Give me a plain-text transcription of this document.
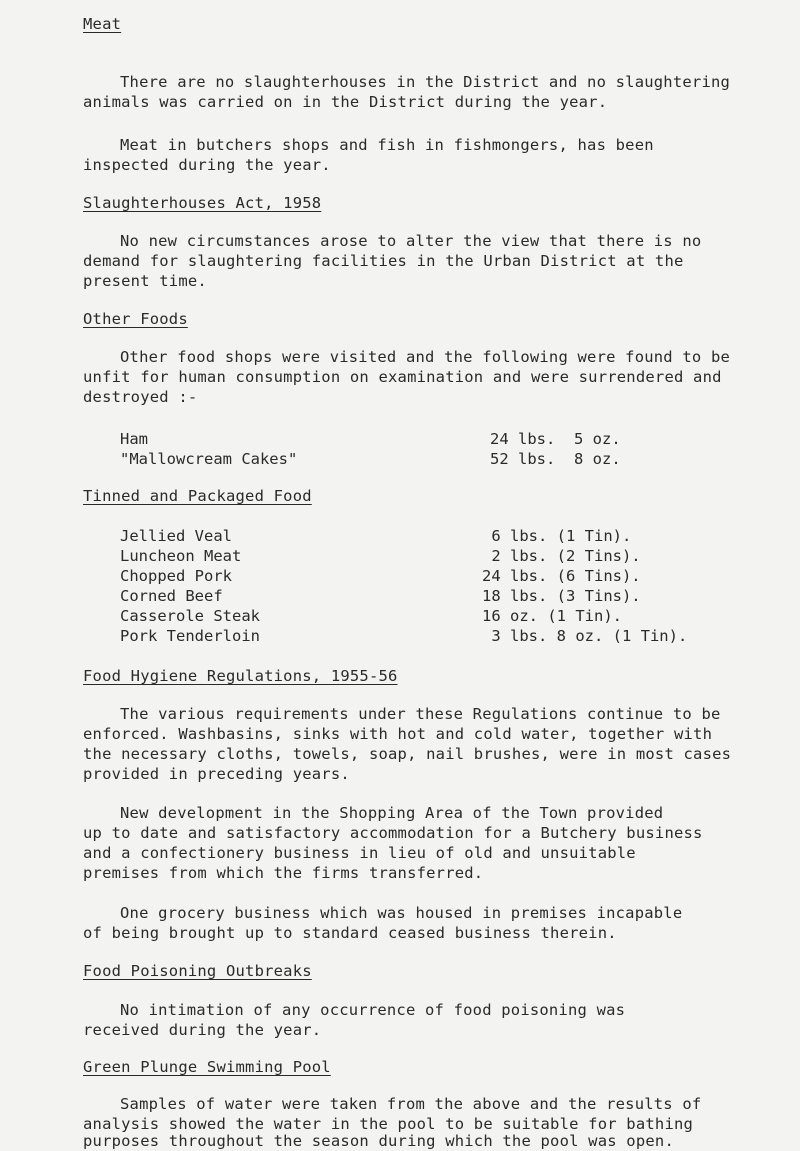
Meat
There are no slaughterhouses in the District and no slaughtering
animals was carried on in the District during the year.
Meat in butchers shops and fish in fishmongers, has been
inspected during the year.
Slaughterhouses Act, 1958
No new circumstances arose to alter the view that there is no
demand for slaughtering facilities in the Urban District at the
present time.
Other Foods
Other food shops were visited and the following were found to be
unfit for human consumption on examination and were surrendered and
destroyed :-
Ham	24 lbs.  5 oz.
"Mallowcream Cakes"	52 lbs.  8 oz.
Tinned and Packaged Food
Jellied Veal	6 lbs. (1 Tin).
Luncheon Meat	2 lbs. (2 Tins).
Chopped Pork	24 lbs. (6 Tins).
Corned Beef	18 lbs. (3 Tins).
Casserole Steak	16 oz. (1 Tin).
Pork Tenderloin	3 lbs. 8 oz. (1 Tin).
Food Hygiene Regulations, 1955-56
The various requirements under these Regulations continue to be
enforced. Washbasins, sinks with hot and cold water, together with
the necessary cloths, towels, soap, nail brushes, were in most cases
provided in preceding years.
New development in the Shopping Area of the Town provided
up to date and satisfactory accommodation for a Butchery business
and a confectionery business in lieu of old and unsuitable
premises from which the firms transferred.
One grocery business which was housed in premises incapable
of being brought up to standard ceased business therein.
Food Poisoning Outbreaks
No intimation of any occurrence of food poisoning was
received during the year.
Green Plunge Swimming Pool
Samples of water were taken from the above and the results of
analysis showed the water in the pool to be suitable for bathing
purposes throughout the season during which the pool was open.
